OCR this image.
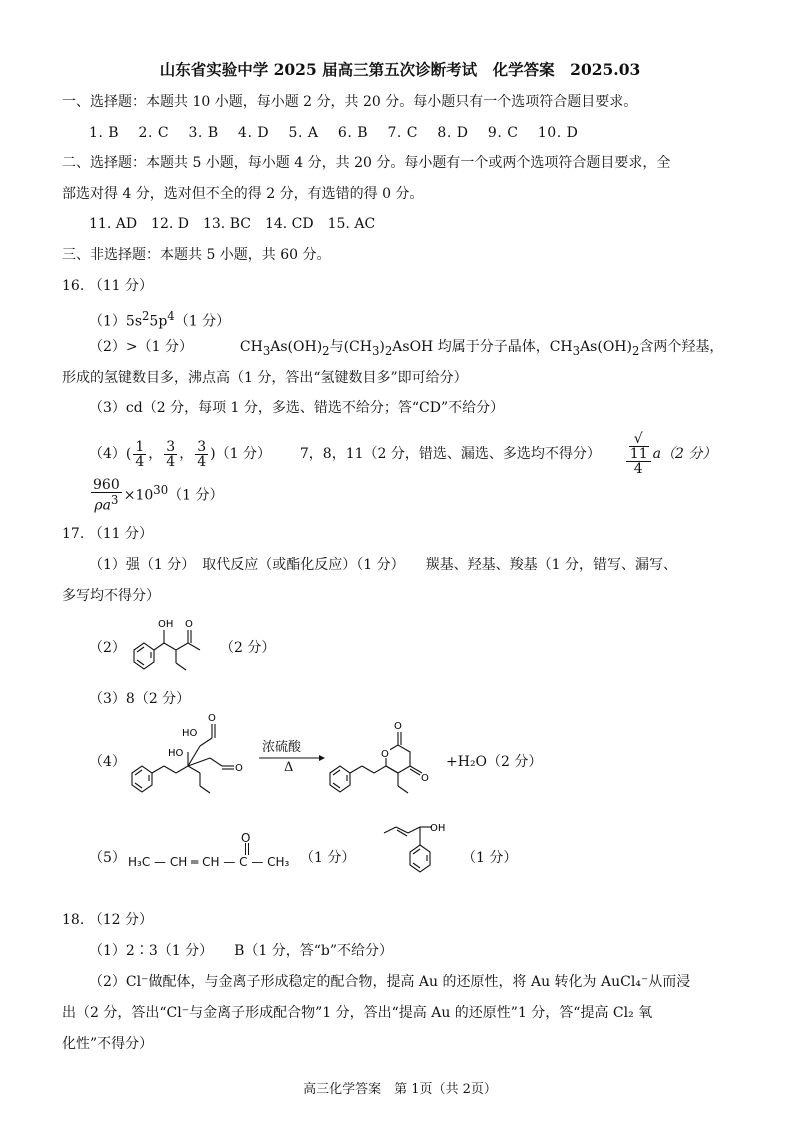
山东省实验中学 2025 届高三第五次诊断考试　化学答案　2025.03
一、选择题：本题共 10 小题，每小题 2 分，共 20 分。每小题只有一个选项符合题目要求。
1. B　 2. C　 3. B　 4. D　 5. A　 6. B　 7. C　 8. D　 9. C　 10. D
二、选择题：本题共 5 小题，每小题 4 分，共 20 分。每小题有一个或两个选项符合题目要求，全
部选对得 4 分，选对但不全的得 2 分，有选错的得 0 分。
11. AD　12. D　13. BC　14. CD　15. AC
三、非选择题：本题共 5 小题，共 60 分。
16. （11 分）
$(1)5s^25p^4(1$ 分）
（2）>（1 分）	$CH_3As(OH)_2$与$(CH_3)_2AsOH$ 均属于分子晶体，$CH_3As(OH)_2$含两个羟基，
形成的氢键数目多，沸点高（1 分，答出“氢键数目多”即可给分）
（3）cd（2 分，每项 1 分，多选、错选不给分；答“CD”不给分）
$(4)( \frac{1}{4}$ ， $\frac{3}{4}$ ， $\frac{3}{4} )(1$ 分） 7，8，11（2 分，错选、漏选、多选均不得分） √
11
4 a（2 分）
$\frac{960}{\rho a^3} \times 10^{30}(1$ 分）
17. （11 分）
（1）强（1 分）　取代反应（或酯化反应）（1 分）　　羰基、羟基、羧基（1 分，错写、漏写、
多写均不得分）
（2）
OH O
（2 分）
（3）8（2 分）
（4）
HO
HO
O
O
浓硫酸
Δ
O
O
O
+H₂O（2 分）
（5） H₃C — CH ═ CH — C — CH₃
O
（1 分）
OH
（1 分）
18. （12 分）
（1）2∶3（1 分）　　B（1 分，答“b”不给分）
（2）Cl⁻做配体，与金离子形成稳定的配合物，提高 Au 的还原性，将 Au 转化为 AuCl₄⁻从而浸
出（2 分，答出“Cl⁻与金离子形成配合物”1 分，答出“提高 Au 的还原性”1 分，答“提高 Cl₂ 氧
化性”不得分）
高三化学答案　第 1页（共 2页）
